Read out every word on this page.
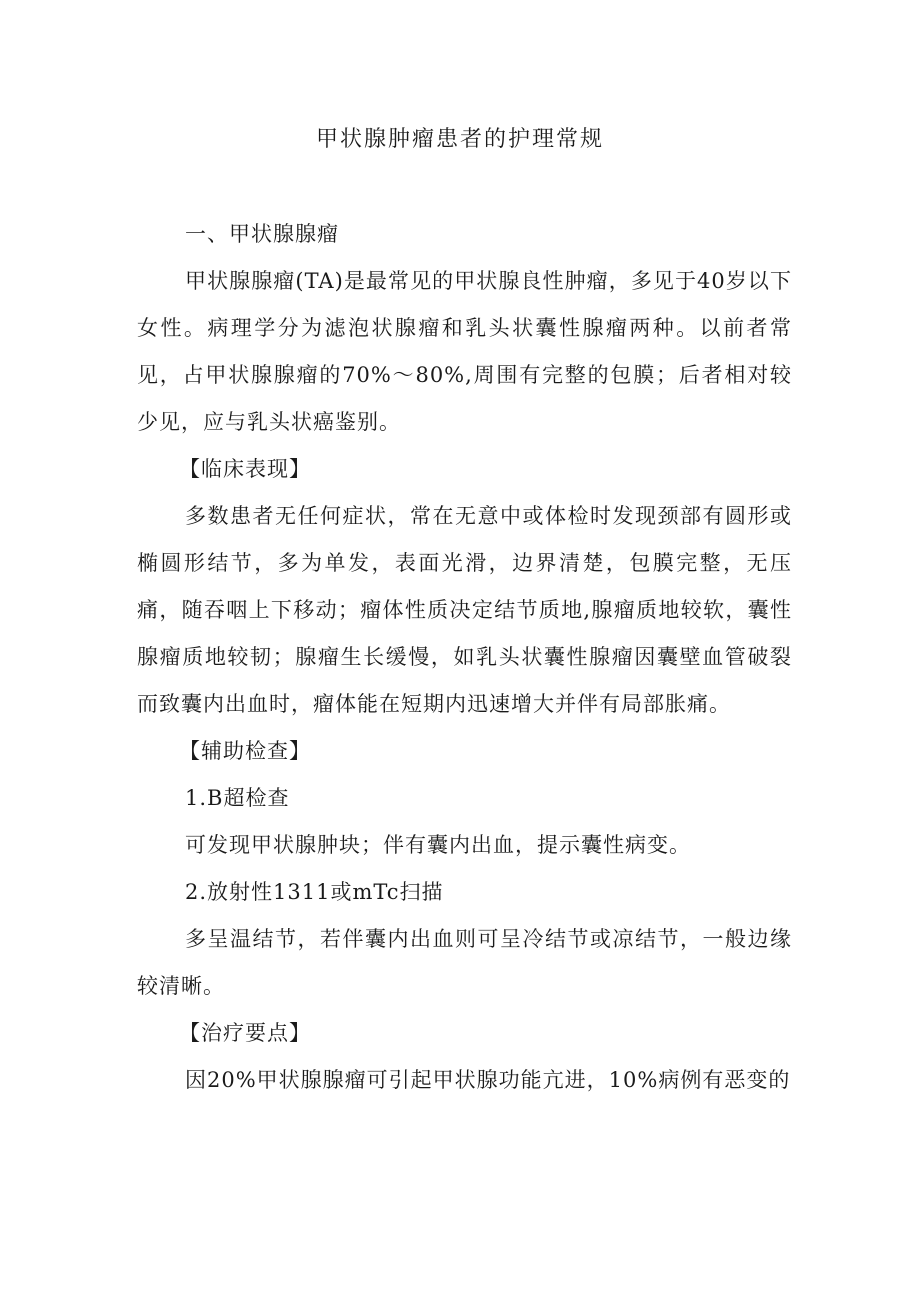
甲状腺肿瘤患者的护理常规

一、甲状腺腺瘤

甲状腺腺瘤(TA)是最常见的甲状腺良性肿瘤，多见于40岁以下女性。病理学分为滤泡状腺瘤和乳头状囊性腺瘤两种。以前者常见，占甲状腺腺瘤的70%～80%,周围有完整的包膜；后者相对较少见，应与乳头状癌鉴别。

【临床表现】

多数患者无任何症状，常在无意中或体检时发现颈部有圆形或椭圆形结节，多为单发，表面光滑，边界清楚，包膜完整，无压痛，随吞咽上下移动；瘤体性质决定结节质地,腺瘤质地较软，囊性腺瘤质地较韧；腺瘤生长缓慢，如乳头状囊性腺瘤因囊壁血管破裂而致囊内出血时，瘤体能在短期内迅速增大并伴有局部胀痛。

【辅助检查】

1.B超检查

可发现甲状腺肿块；伴有囊内出血，提示囊性病变。

2.放射性1311或mTc扫描

多呈温结节，若伴囊内出血则可呈冷结节或凉结节，一般边缘较清晰。

【治疗要点】

因20%甲状腺腺瘤可引起甲状腺功能亢进，10%病例有恶变的
